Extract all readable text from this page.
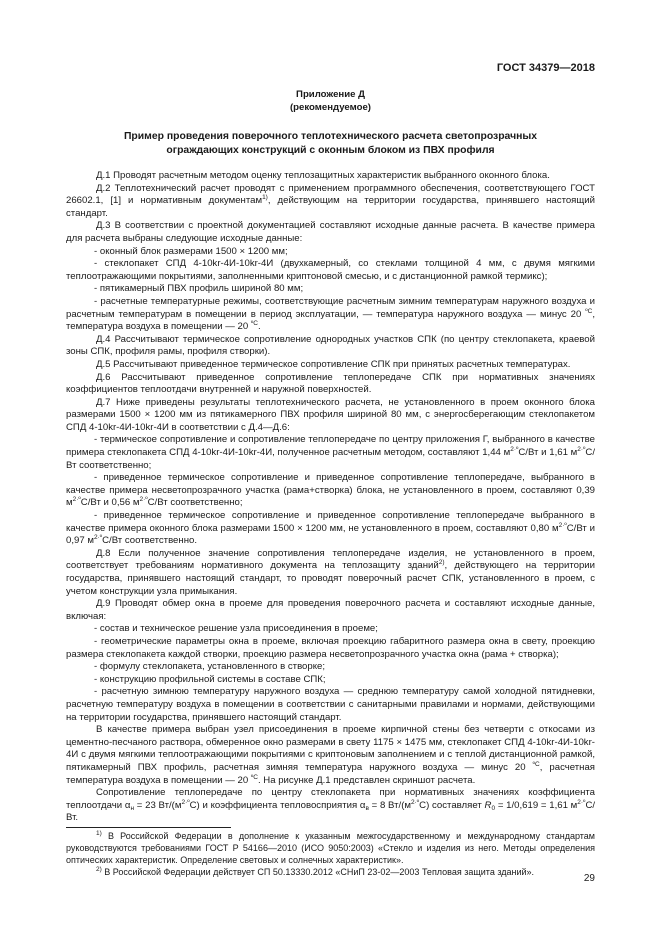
ГОСТ 34379—2018
Приложение Д
(рекомендуемое)
Пример проведения поверочного теплотехнического расчета светопрозрачных
ограждающих конструкций с оконным блоком из ПВХ профиля

Д.1 Проводят расчетным методом оценку теплозащитных характеристик выбранного оконного блока.

Д.2 Теплотехнический расчет проводят с применением программного обеспечения, соответствующего ГОСТ 26602.1, [1] и нормативным документам$^{1)}$, действующим на территории государства, принявшего настоящий стандарт.

Д.3 В соответствии с проектной документацией составляют исходные данные расчета. В качестве примера для расчета выбраны следующие исходные данные:

- оконный блок размерами 1500 × 1200 мм;

- стеклопакет СПД 4-10kr-4И-10kr-4И (двухкамерный, со стеклами толщиной 4 мм, с двумя мягкими теплоотражающими покрытиями, заполненными криптоновой смесью, и с дистанционной рамкой термикс);

- пятикамерный ПВХ профиль шириной 80 мм;

- расчетные температурные режимы, соответствующие расчетным зимним температурам наружного воздуха и расчетным температурам в помещении в период эксплуатации, — температура наружного воздуха — минус 20 $^{ºС}$, температура воздуха в помещении — 20 $^{ºС}$.

Д.4 Рассчитывают термическое сопротивление однородных участков СПК (по центру стеклопакета, краевой зоны СПК, профиля рамы, профиля створки).

Д.5 Рассчитывают приведенное термическое сопротивление СПК при принятых расчетных температурах.

Д.6 Рассчитывают приведенное сопротивление теплопередаче СПК при нормативных значениях коэффициентов теплоотдачи внутренней и наружной поверхностей.

Д.7 Ниже приведены результаты теплотехнического расчета, не установленного в проем оконного блока размерами 1500 × 1200 мм из пятикамерного ПВХ профиля шириной 80 мм, с энергосберегающим стеклопакетом СПД 4-10kr-4И-10kr-4И в соответствии с Д.4—Д.6:

- термическое сопротивление и сопротивление теплопередаче по центру приложения Г, выбранного в качестве примера стеклопакета СПД 4-10kr-4И-10kr-4И, полученное расчетным методом, составляют 1,44 $м^{2\cdot º}С/Вт$ и 1,61 $м^{2\cdot º}С/Вт$ соответственно;

- приведенное термическое сопротивление и приведенное сопротивление теплопередаче, выбранного в качестве примера несветопрозрачного участка (рама+створка) блока, не установленного в проем, составляют 0,39 $м^{2\cdot º}С/Вт$ и 0,56 $м^{2\cdot º}С/Вт$ соответственно;

- приведенное термическое сопротивление и приведенное сопротивление теплопередаче выбранного в качестве примера оконного блока размерами 1500 × 1200 мм, не установленного в проем, составляют 0,80 $м^{2\cdot º}С/Вт$ и 0,97 $м^{2\cdot º}С/Вт$ соответственно.

Д.8 Если полученное значение сопротивления теплопередаче изделия, не установленного в проем, соответствует требованиям нормативного документа на теплозащиту зданий$^{2)}$, действующего на территории государства, принявшего настоящий стандарт, то проводят поверочный расчет СПК, установленного в проем, с учетом конструкции узла примыкания.

Д.9 Проводят обмер окна в проеме для проведения поверочного расчета и составляют исходные данные, включая:

- состав и техническое решение узла присоединения в проеме;

- геометрические параметры окна в проеме, включая проекцию габаритного размера окна в свету, проекцию размера стеклопакета каждой створки, проекцию размера несветопрозрачного участка окна (рама + створка);

- формулу стеклопакета, установленного в створке;

- конструкцию профильной системы в составе СПК;

- расчетную зимнюю температуру наружного воздуха — среднюю температуру самой холодной пятидневки, расчетную температуру воздуха в помещении в соответствии с санитарными правилами и нормами, действующими на территории государства, принявшего настоящий стандарт.

В качестве примера выбран узел присоединения в проеме кирпичной стены без четверти с откосами из цементно-песчаного раствора, обмеренное окно размерами в свету 1175 × 1475 мм, стеклопакет СПД 4-10kr-4И-10kr-4И с двумя мягкими теплоотражающими покрытиями с криптоновым заполнением и с теплой дистанционной рамкой, пятикамерный ПВХ профиль, расчетная зимняя температура наружного воздуха — минус 20 $^{ºС}$, расчетная температура воздуха в помещении — 20 $^{ºС}$. На рисунке Д.1 представлен скриншот расчета.

Сопротивление теплопередаче по центру стеклопакета при нормативных значениях коэффициента теплоотдачи $\alpha_н = 23$ $Вт/(м^{2\cdot º}С)$ и коэффициента тепловосприятия $\alpha_в = 8$ $Вт/(м^{2\cdot º}С)$ составляет $R_0 = 1/0,619 = 1,61$ $м^{2\cdot º}С/Вт$.

$^{1)}$ В Российской Федерации в дополнение к указанным межгосударственному и международному стандартам руководствуются требованиями ГОСТ Р 54166—2010 (ИСО 9050:2003) «Стекло и изделия из него. Методы определения оптических характеристик. Определение световых и солнечных характеристик».

$^{2)}$ В Российской Федерации действует СП 50.13330.2012 «СНиП 23-02—2003 Тепловая защита зданий».

29
